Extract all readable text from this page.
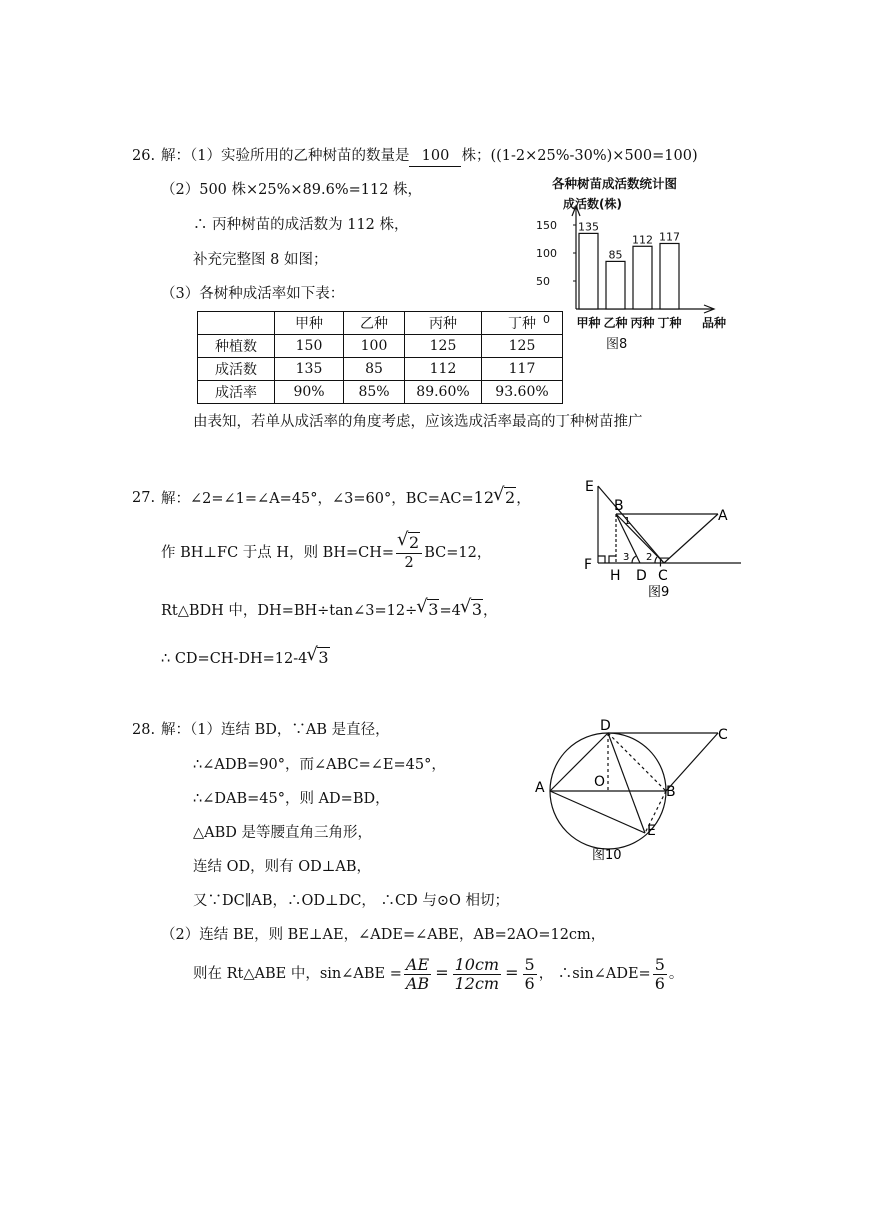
26. 解：（1）实验所用的乙种树苗的数量是 100 株；((1-2×25%-30%)×500=100)
（2）500 株×25%×89.6%=112 株，
∴ 丙种树苗的成活数为 112 株，
补充完整图 8 如图；
（3）各树种成活率如下表：
	甲种	乙种	丙种	丁种
种植数	150	100	125	125
成活数	135	85	112	117
成活率	90%	85%	89.60%	93.60%
由表知，若单从成活率的角度考虑，应该选成活率最高的丁种树苗推广
各种树苗成活数统计图
成活数(株)
0
50
100
150
品种
135
甲种
85
乙种
112
丙种
117
丁种
图8
27. 解：∠2=∠1=∠A=45°，∠3=60°，BC=AC=12 √ 2，
作 BH⊥FC 于点 H，则 BH=CH= √ $\frac{2}{2} BC=12$，
Rt△BDH 中，DH=BH÷tan∠3=12÷ √ 3=4 √ 3，
∴ CD=CH-DH=12-4 √ 3
E
B
A
1
3 2
F
H D C
图9
28. 解：（1）连结 BD，∵AB 是直径，
∴∠ADB=90°，而∠ABC=∠E=45°，
∴∠DAB=45°，则 AD=BD，
△ABD 是等腰直角三角形，
连结 OD，则有 OD⊥AB，
又∵DC∥AB，∴OD⊥DC， ∴CD 与⊙O 相切；
（2）连结 BE，则 BE⊥AE，∠ADE=∠ABE，AB=2AO=12cm，
则在 Rt△ABE 中，sin∠ABE = $\frac{AE}{AB} = \frac{10cm}{12cm} = \frac{5}{6}$ ， ∴sin∠ADE= $\frac{5}{6}$ 。
D
C
A	O
B
E
图10
